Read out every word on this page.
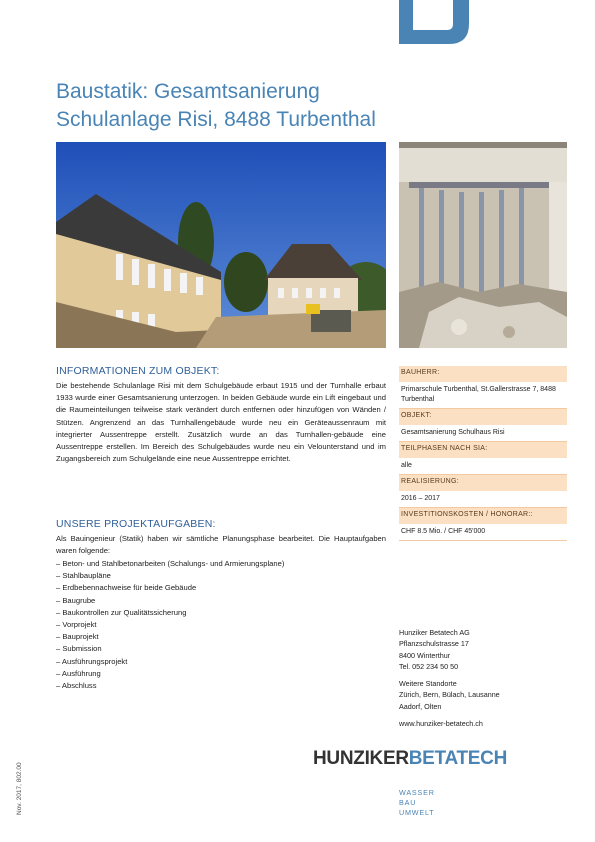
Baustatik: Gesamtsanierung
Schulanlage Risi, 8488 Turbenthal
INFORMATIONEN ZUM OBJEKT:
Die bestehende Schulanlage Risi mit dem Schulgebäude erbaut 1915 und der Turnhalle erbaut 1933 wurde einer Gesamtsanierung unterzogen. In beiden Gebäude wurde ein Lift eingebaut und die Raumeinteilungen teilweise stark verändert durch entfernen oder hinzufügen von Wänden / Stützen. Angrenzend an das Turnhallengebäude wurde neu ein Geräteaussenraum mit integrierter Aussentreppe erstellt. Zusätzlich wurde an das Turnhallen-gebäude eine Aussentreppe erstellen. Im Bereich des Schulgebäudes wurde neu ein Velounterstand und im Zugangsbereich zum Schulgelände eine neue Aussentreppe errichtet.
UNSERE PROJEKTAUFGABEN:
Als Bauingenieur (Statik) haben wir sämtliche Planungsphase bearbeitet. Die Hauptaufgaben waren folgende:
– Beton- und Stahlbetonarbeiten (Schalungs- und Armierungsplane)
– Stahlbaupläne
– Erdbebennachweise für beide Gebäude
– Baugrube
– Baukontrollen zur Qualitätssicherung
– Vorprojekt
– Bauprojekt
– Submission
– Ausführungsprojekt
– Ausführung
– Abschluss
BAUHERR:
Primarschule Turbenthal, St.Gallerstrasse 7, 8488 Turbenthal
OBJEKT:
Gesamtsanierung Schulhaus Risi
TEILPHASEN NACH SIA:
alle
REALISIERUNG:
2016 – 2017
INVESTITIONSKOSTEN / HONORAR::
CHF 8.5 Mio. / CHF 45'000
Hunziker Betatech AG
Pflanzschulstrasse 17
8400 Winterthur
Tel. 052 234 50 50
Weitere Standorte
Zürich, Bern, Bülach, Lausanne
Aadorf, Olten
www.hunziker-betatech.ch
HUNZIKERBETATECH
WASSER
BAU
UMWELT
Nov. 2017, 802.00
